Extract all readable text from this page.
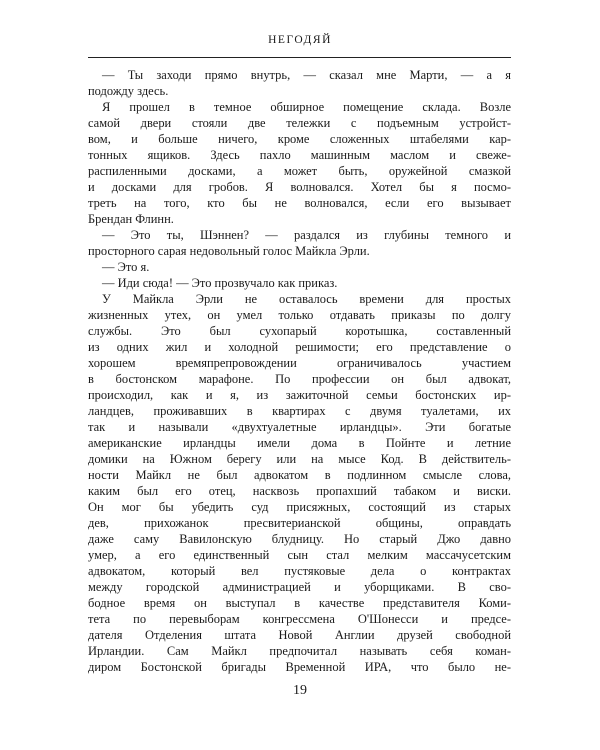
НЕГОДЯЙ
— Ты заходи прямо внутрь, — сказал мне Марти, — а я
подожду здесь.
Я прошел в темное обширное помещение склада. Возле
самой двери стояли две тележки с подъемным устройст-
вом, и больше ничего, кроме сложенных штабелями кар-
тонных ящиков. Здесь пахло машинным маслом и свеже-
распиленными досками, а может быть, оружейной смазкой
и досками для гробов. Я волновался. Хотел бы я посмо-
треть на того, кто бы не волновался, если его вызывает
Брендан Флинн.
— Это ты, Шэннен? — раздался из глубины темного и
просторного сарая недовольный голос Майкла Эрли.
— Это я.
— Иди сюда! — Это прозвучало как приказ.
У Майкла Эрли не оставалось времени для простых
жизненных утех, он умел только отдавать приказы по долгу
службы. Это был сухопарый коротышка, составленный
из одних жил и холодной решимости; его представление о
хорошем времяпрепровождении ограничивалось участием
в бостонском марафоне. По профессии он был адвокат,
происходил, как и я, из зажиточной семьи бостонских ир-
ландцев, проживавших в квартирах с двумя туалетами, их
так и называли «двухтуалетные ирландцы». Эти богатые
американские ирландцы имели дома в Пойнте и летние
домики на Южном берегу или на мысе Код. В действитель-
ности Майкл не был адвокатом в подлинном смысле слова,
каким был его отец, насквозь пропахший табаком и виски.
Он мог бы убедить суд присяжных, состоящий из старых
дев, прихожанок пресвитерианской общины, оправдать
даже саму Вавилонскую блудницу. Но старый Джо давно
умер, а его единственный сын стал мелким массачусетским
адвокатом, который вел пустяковые дела о контрактах
между городской администрацией и уборщиками. В сво-
бодное время он выступал в качестве представителя Коми-
тета по перевыборам конгрессмена О'Шонесси и предсе-
дателя Отделения штата Новой Англии друзей свободной
Ирландии. Сам Майкл предпочитал называть себя коман-
диром Бостонской бригады Временной ИРА, что было не-
19
